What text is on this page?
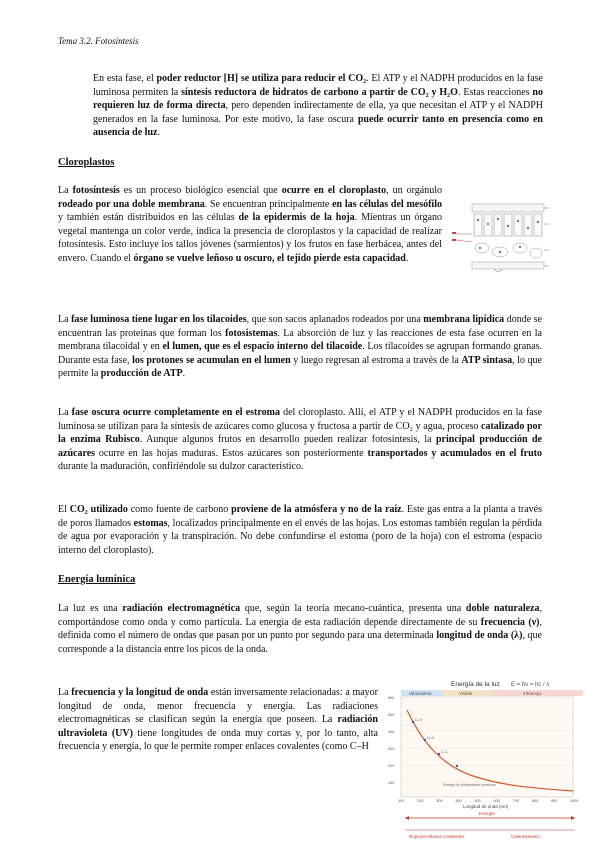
Tema 3.2. Fotosíntesis

En esta fase, el poder reductor [H] se utiliza para reducir el CO₂. El ATP y el NADPH producidos en la fase luminosa permiten la síntesis reductora de hidratos de carbono a partir de CO₂ y H₂O. Estas reacciones no requieren luz de forma directa, pero dependen indirectamente de ella, ya que necesitan el ATP y el NADPH generados en la fase luminosa. Por este motivo, la fase oscura puede ocurrir tanto en presencia como en ausencia de luz.

Cloroplastos

La fotosíntesis es un proceso biológico esencial que ocurre en el cloroplasto, un orgánulo rodeado por una doble membrana. Se encuentran principalmente en las células del mesófilo y también están distribuidos en las células de la epidermis de la hoja. Mientras un órgano vegetal mantenga un color verde, indica la presencia de cloroplastos y la capacidad de realizar fotosíntesis. Esto incluye los tallos jóvenes (sarmientos) y los frutos en fase herbácea, antes del envero. Cuando el órgano se vuelve leñoso u oscuro, el tejido pierde esta capacidad.

La fase luminosa tiene lugar en los tilacoides, que son sacos aplanados rodeados por una membrana lipídica donde se encuentran las proteínas que forman los fotosistemas. La absorción de luz y las reacciones de esta fase ocurren en la membrana tilacoidal y en el lumen, que es el espacio interno del tilacoide. Los tilacoides se agrupan formando granas. Durante esta fase, los protones se acumulan en el lumen y luego regresan al estroma a través de la ATP sintasa, lo que permite la producción de ATP.

La fase oscura ocurre completamente en el estroma del cloroplasto. Allí, el ATP y el NADPH producidos en la fase luminosa se utilizan para la síntesis de azúcares como glucosa y fructosa a partir de CO₂ y agua, proceso catalizado por la enzima Rubisco. Aunque algunos frutos en desarrollo pueden realizar fotosíntesis, la principal producción de azúcares ocurre en las hojas maduras. Estos azúcares son posteriormente transportados y acumulados en el fruto durante la maduración, confiriéndole su dulzor característico.

El CO₂ utilizado como fuente de carbono proviene de la atmósfera y no de la raíz. Este gas entra a la planta a través de poros llamados estomas, localizados principalmente en el envés de las hojas. Los estomas también regulan la pérdida de agua por evaporación y la transpiración. No debe confundirse el estoma (poro de la hoja) con el estroma (espacio interno del cloroplasto).

Energía lumínica

La luz es una radiación electromagnética que, según la teoría mecano-cuántica, presenta una doble naturaleza, comportándose como onda y como partícula. La energía de esta radiación depende directamente de su frecuencia (ν), definida como el número de ondas que pasan por un punto por segundo para una determinada longitud de onda (λ), que corresponde a la distancia entre los picos de la onda.

La frecuencia y la longitud de onda están inversamente relacionadas: a mayor longitud de onda, menor frecuencia y energía. Las radiaciones electromagnéticas se clasifican según la energía que poseen. La radiación ultravioleta (UV) tiene longitudes de onda muy cortas y, por lo tanto, alta frecuencia y energía, lo que le permite romper enlaces covalentes (como C–H

Energía de la luz E = hν = hc / λ
Ultravioleta	Visible	Infrarrojo
C–H
O–H
C–C
Energía de plegamiento proteínas
600
500
400
300
200
100
100	200	300	400	500	600	700	800	900	1000
Longitud de onda (nm)
Energía
Ruptura enlaces covalentes	Calentamiento
